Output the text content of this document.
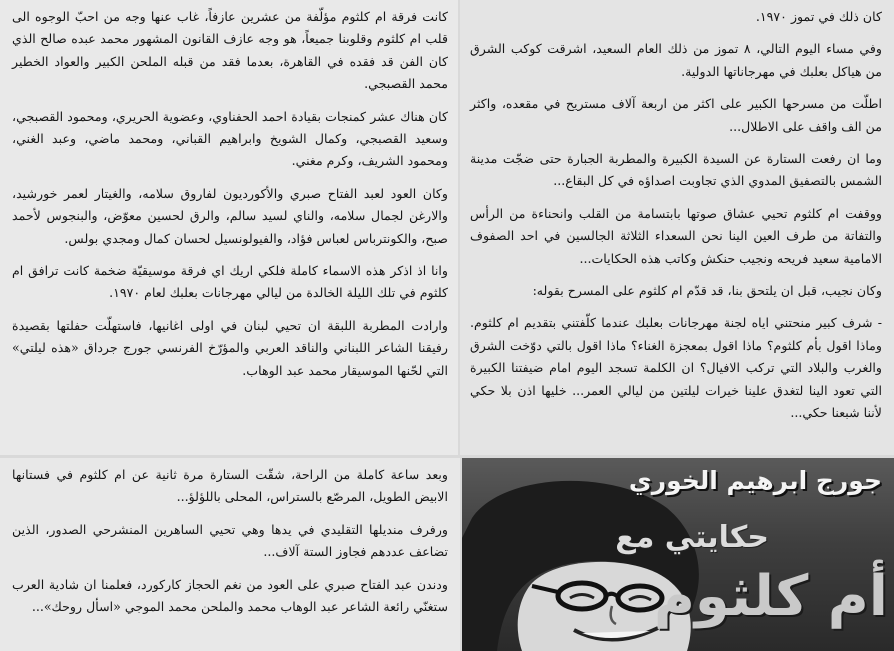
كان ذلك في تموز ١٩٧٠.

وفي مساء اليوم التالي، ٨ تموز من ذلك العام السعيد، اشرقت كوكب الشرق من هياكل بعلبك في مهرجاناتها الدولية.

اطلّت من مسرحها الكبير على اكثر من اربعة آلاف مستريح في مقعده، واكثر من الف واقف على الاطلال...

وما ان رفعت الستارة عن السيدة الكبيرة والمطربة الجبارة حتى ضجّت مدينة الشمس بالتصفيق المدوي الذي تجاوبت اصداؤه في كل البقاع...

ووقفت ام كلثوم تحيي عشاق صوتها بابتسامة من القلب وانحناءة من الرأس والتفاتة من طرف العين الينا نحن السعداء الثلاثة الجالسين في احد الصفوف الامامية سعيد فريحه ونجيب حنكش وكاتب هذه الحكايات...

وكان نجيب، قبل ان يلتحق بنا، قد قدّم ام كلثوم على المسرح بقوله:

- شرف كبير منحتني اياه لجنة مهرجانات بعلبك عندما كلّفتني بتقديم ام كلثوم. وماذا اقول بأم كلثوم؟ ماذا اقول بمعجزة الغناء؟ ماذا اقول بالتي دوّخت الشرق والغرب والبلاد التي تركب الافيال؟ ان الكلمة تسجد اليوم امام ضيفتنا الكبيرة التي تعود الينا لتغدق علينا خيرات ليلتين من ليالي العمر... خليها اذن بلا حكي لأننا شبعنا حكي...

كانت فرقة ام كلثوم مؤلّفة من عشرين عازفاً، غاب عنها وجه من احبّ الوجوه الى قلب ام كلثوم وقلوبنا جميعاً، هو وجه عازف القانون المشهور محمد عبده صالح الذي كان الفن قد فقده في القاهرة، بعدما فقد من قبله الملحن الكبير والعواد الخطير محمد القصبجي.

كان هناك عشر كمنجات بقيادة احمد الحفناوي، وعضوية الحريري، ومحمود القصبجي، وسعيد القصبجي، وكمال الشويخ وابراهيم القباني، ومحمد ماضي، وعبد الغني، ومحمود الشريف، وكرم مغني.

وكان العود لعبد الفتاح صبري والأكورديون لفاروق سلامه، والغيتار لعمر خورشيد، والارغن لجمال سلامه، والناي لسيد سالم، والرق لحسين معوّض، والبنجوس لأحمد صبح، والكونترباس لعباس فؤاد، والفيولونسيل لحسان كمال ومجدي بولس.

وانا اذ اذكر هذه الاسماء كاملة فلكي اريك اي فرقة موسيقيّة ضخمة كانت ترافق ام كلثوم في تلك الليلة الخالدة من ليالي مهرجانات بعلبك لعام ١٩٧٠.

وارادت المطربة اللبقة ان تحيي لبنان في اولى اغانيها، فاستهلّت حفلتها بقصيدة رفيقنا الشاعر اللبناني والناقد العربي والمؤرّخ الفرنسي جورج جرداق «هذه ليلتي» التي لحّنها الموسيقار محمد عبد الوهاب.

وبعد ساعة كاملة من الراحة، شقّت الستارة مرة ثانية عن ام كلثوم في فستانها الابيض الطويل، المرصّع بالستراس، المحلى باللؤلؤ...

ورفرف منديلها التقليدي في يدها وهي تحيي الساهرين المنشرحي الصدور، الذين تضاعف عددهم فجاوز الستة آلاف...

ودندن عبد الفتاح صبري على العود من نغم الحجاز كاركورد، فعلمنا ان شادية العرب ستغنّي رائعة الشاعر عبد الوهاب محمد والملحن محمد الموجي «اسأل روحك»...

جورج ابرهيم الخوري
حكايتي مع
أم كلثوم
